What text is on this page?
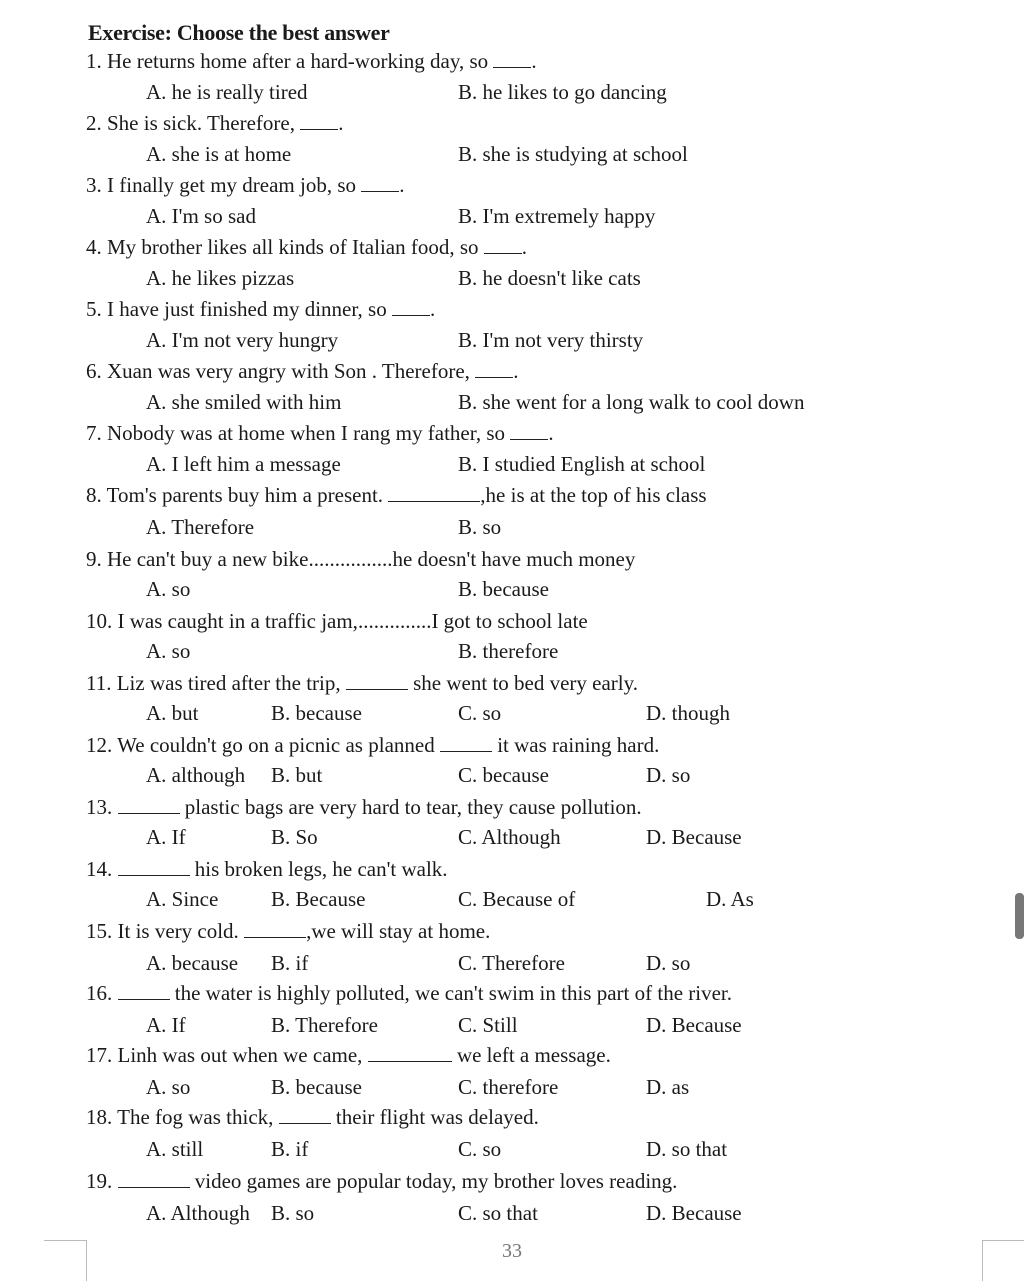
Exercise: Choose the best answer
1. He returns home after a hard-working day, so .
A. he is really tired	B. he likes to go dancing
2. She is sick. Therefore, .
A. she is at home	B. she is studying at school
3. I finally get my dream job, so .
A. I'm so sad	B. I'm extremely happy
4. My brother likes all kinds of Italian food, so .
A. he likes pizzas	B. he doesn't like cats
5. I have just finished my dinner, so .
A. I'm not very hungry	B. I'm not very thirsty
6. Xuan was very angry with Son . Therefore, .
A. she smiled with him	B. she went for a long walk to cool down
7. Nobody was at home when I rang my father, so .
A. I left him a message	B. I studied English at school
8. Tom's parents buy him a present.	,he is at the top of his class
A. Therefore	B. so
9. He can't buy a new bike................he doesn't have much money
A. so	B. because
10. I was caught in a traffic jam,..............I got to school late
A. so	B. therefore
11. Liz was tired after the trip,	she went to bed very early.
A. but	B. because	C. so	D. though
12. We couldn't go on a picnic as planned	it was raining hard.
A. although B. but	C. because	D. so
13.	plastic bags are very hard to tear, they cause pollution.
A. If	B. So	C. Although	D. Because
14.	his broken legs, he can't walk.
A. Since	B. Because	C. Because of	D. As
15. It is very cold.	,we will stay at home.
A. because B. if	C. Therefore	D. so
16.	the water is highly polluted, we can't swim in this part of the river.
A. If	B. Therefore	C. Still	D. Because
17. Linh was out when we came,	we left a message.
A. so	B. because	C. therefore	D. as
18. The fog was thick,	their flight was delayed.
A. still	B. if	C. so	D. so that
19.	video games are popular today, my brother loves reading.
A. Although B. so	C. so that	D. Because
33
